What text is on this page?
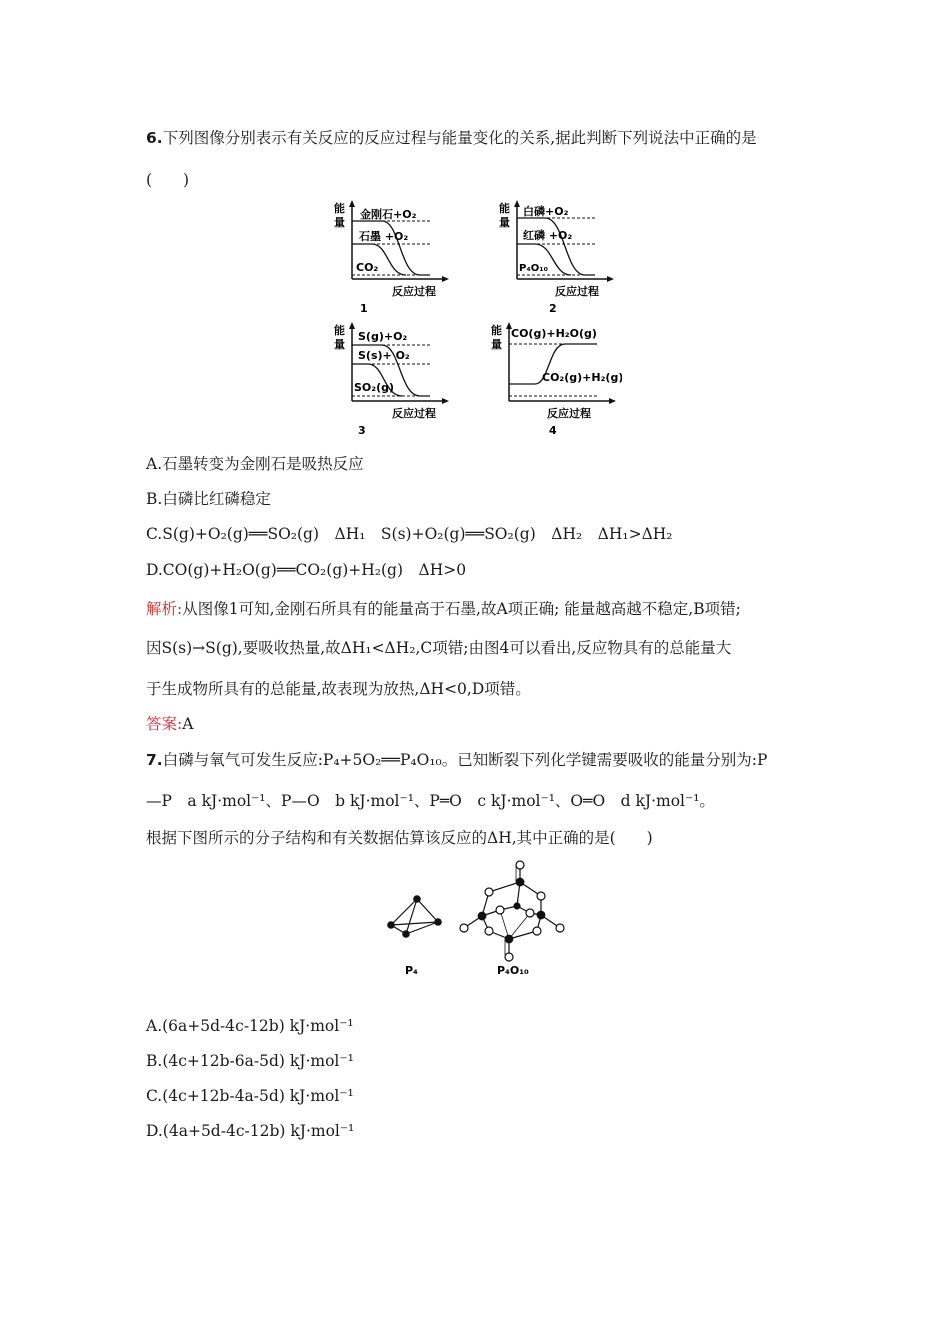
6.下列图像分别表示有关反应的反应过程与能量变化的关系,据此判断下列说法中正确的是
(　　)
能量
金刚石+O₂
石墨 +O₂
CO₂
反应过程
1
能量
白磷+O₂
红磷 +O₂
P₄O₁₀
反应过程
2
能量
S(g)+O₂
S(s)+ O₂
SO₂(g)
反应过程
3
能量
CO(g)+H₂O(g)
CO₂(g)+H₂(g)
反应过程
4
A.石墨转变为金刚石是吸热反应
B.白磷比红磷稳定
C.S(g)+O₂(g)══SO₂(g)　ΔH₁　S(s)+O₂(g)══SO₂(g)　ΔH₂　ΔH₁>ΔH₂
D.CO(g)+H₂O(g)══CO₂(g)+H₂(g)　ΔH>0
解析:从图像1可知,金刚石所具有的能量高于石墨,故A项正确; 能量越高越不稳定,B项错;
因S(s)→S(g),要吸收热量,故ΔH₁<ΔH₂,C项错;由图4可以看出,反应物具有的总能量大
于生成物所具有的总能量,故表现为放热,ΔH<0,D项错。
答案:A
7.白磷与氧气可发生反应:P₄+5O₂══P₄O₁₀。已知断裂下列化学键需要吸收的能量分别为:P
—P　a kJ·mol⁻¹、P—O　b kJ·mol⁻¹、P═O　c kJ·mol⁻¹、O═O　d kJ·mol⁻¹。
根据下图所示的分子结构和有关数据估算该反应的ΔH,其中正确的是(　　)
P₄	P₄O₁₀
A.(6a+5d-4c-12b) kJ·mol⁻¹
B.(4c+12b-6a-5d) kJ·mol⁻¹
C.(4c+12b-4a-5d) kJ·mol⁻¹
D.(4a+5d-4c-12b) kJ·mol⁻¹
